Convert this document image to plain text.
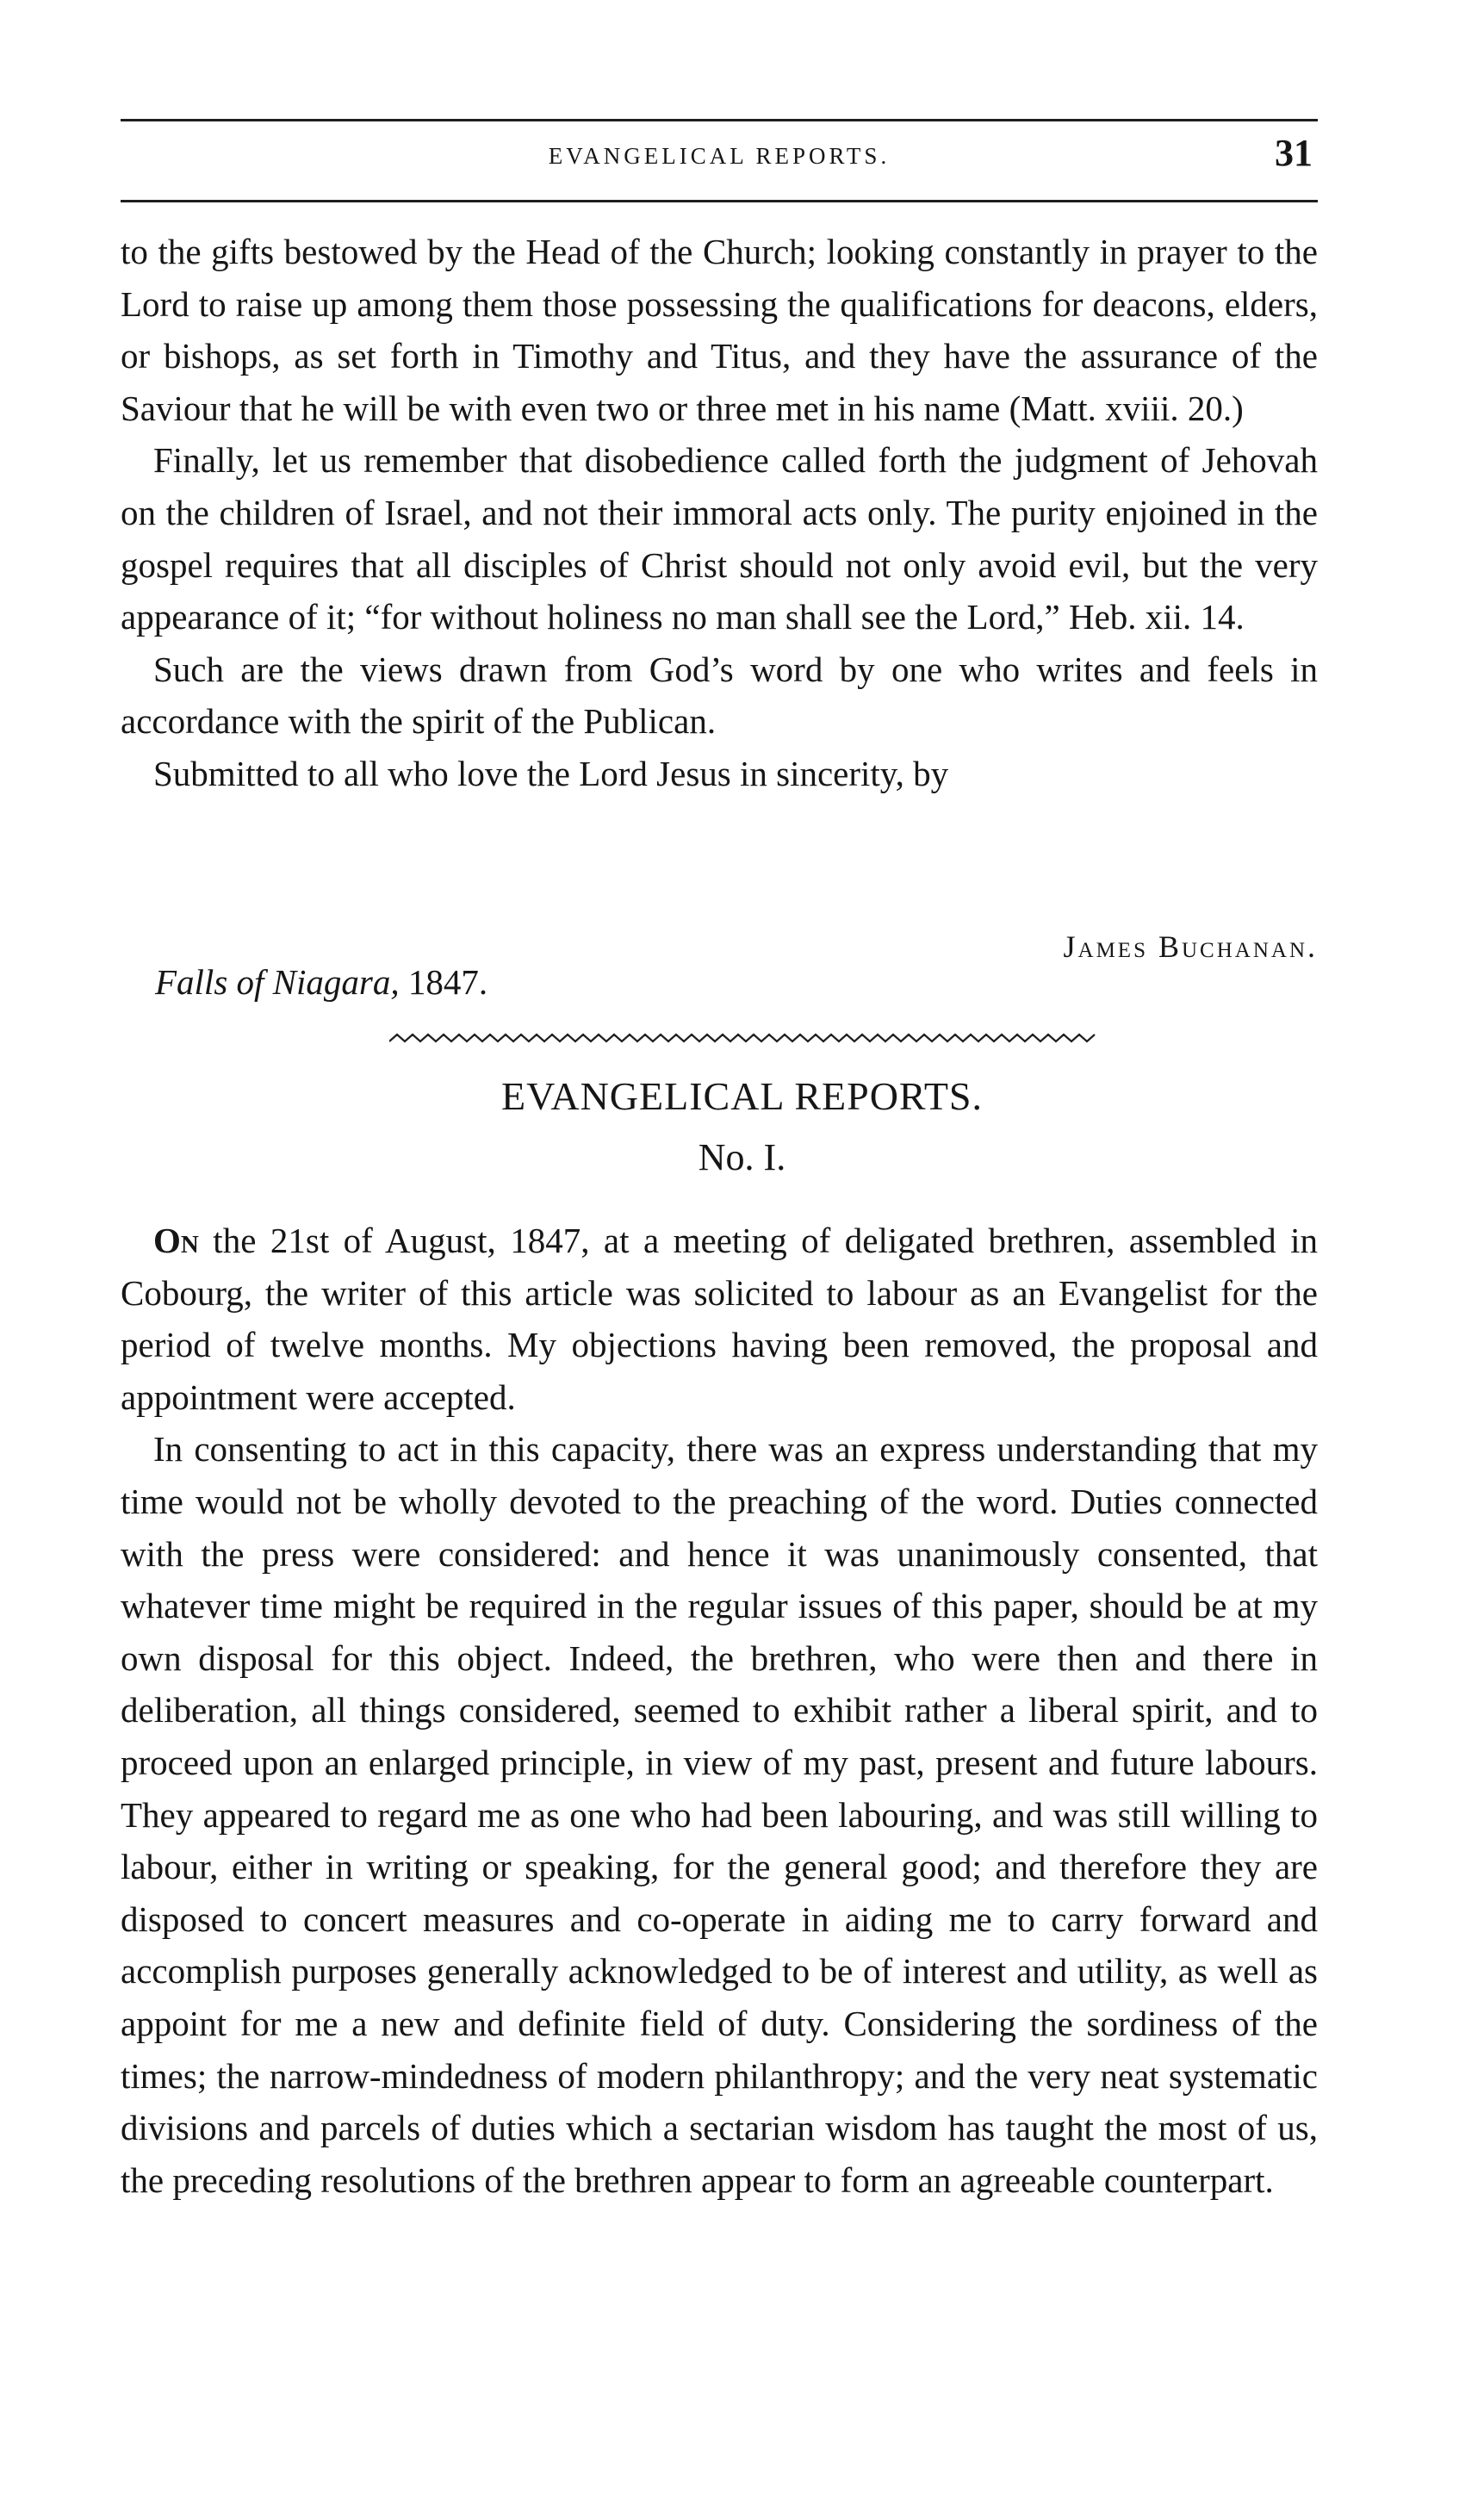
EVANGELICAL REPORTS.	31

to the gifts bestowed by the Head of the Church; looking constantly in prayer to the Lord to raise up among them those possessing the qualifications for deacons, elders, or bishops, as set forth in Timothy and Titus, and they have the assurance of the Saviour that he will be with even two or three met in his name (Matt. xviii. 20.)

Finally, let us remember that disobedience called forth the judgment of Jehovah on the children of Israel, and not their immoral acts only. The purity enjoined in the gospel requires that all disciples of Christ should not only avoid evil, but the very appearance of it; “for without holiness no man shall see the Lord,” Heb. xii. 14.

Such are the views drawn from God’s word by one who writes and feels in accordance with the spirit of the Publican.

Submitted to all who love the Lord Jesus in sincerity, by

James Buchanan.
Falls of Niagara, 1847.
EVANGELICAL REPORTS.
No. I.

On the 21st of August, 1847, at a meeting of deligated brethren, assembled in Cobourg, the writer of this article was solicited to labour as an Evangelist for the period of twelve months. My objections having been removed, the proposal and appointment were accepted.

In consenting to act in this capacity, there was an express understanding that my time would not be wholly devoted to the preaching of the word. Duties connected with the press were considered: and hence it was unanimously consented, that whatever time might be required in the regular issues of this paper, should be at my own disposal for this object. Indeed, the brethren, who were then and there in deliberation, all things considered, seemed to exhibit rather a liberal spirit, and to proceed upon an enlarged principle, in view of my past, present and future labours. They appeared to regard me as one who had been labouring, and was still willing to labour, either in writing or speaking, for the general good; and therefore they are disposed to concert measures and co-operate in aiding me to carry forward and accomplish purposes generally acknowledged to be of interest and utility, as well as appoint for me a new and definite field of duty. Considering the sordiness of the times; the narrow-mindedness of modern philanthropy; and the very neat systematic divisions and parcels of duties which a sectarian wisdom has taught the most of us, the preceding resolutions of the brethren appear to form an agreeable counterpart.
